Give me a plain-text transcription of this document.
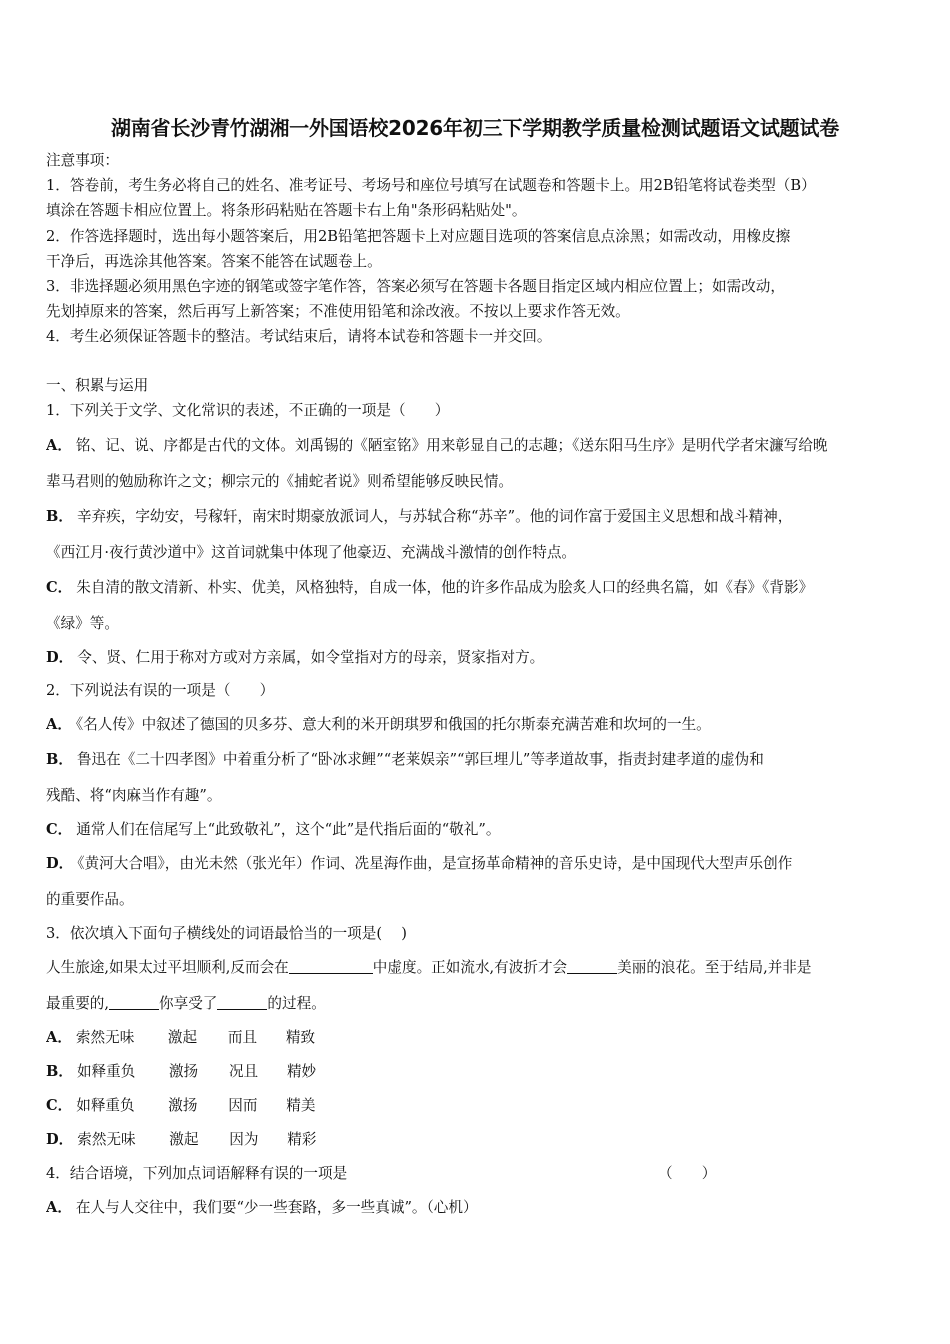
湖南省长沙青竹湖湘一外国语校2026年初三下学期教学质量检测试题语文试题试卷
注意事项：
1．答卷前，考生务必将自己的姓名、准考证号、考场号和座位号填写在试题卷和答题卡上。用2B铅笔将试卷类型（B）
填涂在答题卡相应位置上。将条形码粘贴在答题卡右上角"条形码粘贴处"。
2．作答选择题时，选出每小题答案后，用2B铅笔把答题卡上对应题目选项的答案信息点涂黑；如需改动，用橡皮擦
干净后，再选涂其他答案。答案不能答在试题卷上。
3．非选择题必须用黑色字迹的钢笔或签字笔作答，答案必须写在答题卡各题目指定区域内相应位置上；如需改动，
先划掉原来的答案，然后再写上新答案；不准使用铅笔和涂改液。不按以上要求作答无效。
4．考生必须保证答题卡的整洁。考试结束后，请将本试卷和答题卡一并交回。
一、积累与运用
1．下列关于文学、文化常识的表述，不正确的一项是（　　）
A． 铭、记、说、序都是古代的文体。刘禹锡的《陋室铭》用来彰显自己的志趣；《送东阳马生序》是明代学者宋濂写给晚
辈马君则的勉励称许之文；柳宗元的《捕蛇者说》则希望能够反映民情。
B． 辛弃疾，字幼安，号稼轩，南宋时期豪放派词人，与苏轼合称“苏辛”。他的词作富于爱国主义思想和战斗精神，
《西江月·夜行黄沙道中》这首词就集中体现了他豪迈、充满战斗激情的创作特点。
C． 朱自清的散文清新、朴实、优美，风格独特，自成一体，他的许多作品成为脍炙人口的经典名篇，如《春》《背影》
《绿》等。
D． 令、贤、仁用于称对方或对方亲属，如令堂指对方的母亲，贤家指对方。
2．下列说法有误的一项是（　　）
A． 《名人传》中叙述了德国的贝多芬、意大利的米开朗琪罗和俄国的托尔斯泰充满苦难和坎坷的一生。
B． 鲁迅在《二十四孝图》中着重分析了“卧冰求鲤”“老莱娱亲”“郭巨埋儿”等孝道故事，指责封建孝道的虚伪和
残酷、将“肉麻当作有趣”。
C． 通常人们在信尾写上“此致敬礼”，这个“此”是代指后面的“敬礼”。
D． 《黄河大合唱》，由光未然（张光年）作词、冼星海作曲，是宣扬革命精神的音乐史诗，是中国现代大型声乐创作
的重要作品。
3．依次填入下面句子横线处的词语最恰当的一项是(　 )
人生旅途,如果太过平坦顺利,反而会在	中虚度。正如流水,有波折才会	美丽的浪花。至于结局,并非是
最重要的,	你享受了	的过程。
A． 索然无味 激起 而且 精致
B． 如释重负 激扬 况且 精妙
C． 如释重负 激扬 因而 精美
D． 索然无味 激起 因为 精彩
4．结合语境，下列加点词语解释有误的一项是	（　　）
A． 在人与人交往中，我们要“少一些套路，多一些真诚”。（心机）
